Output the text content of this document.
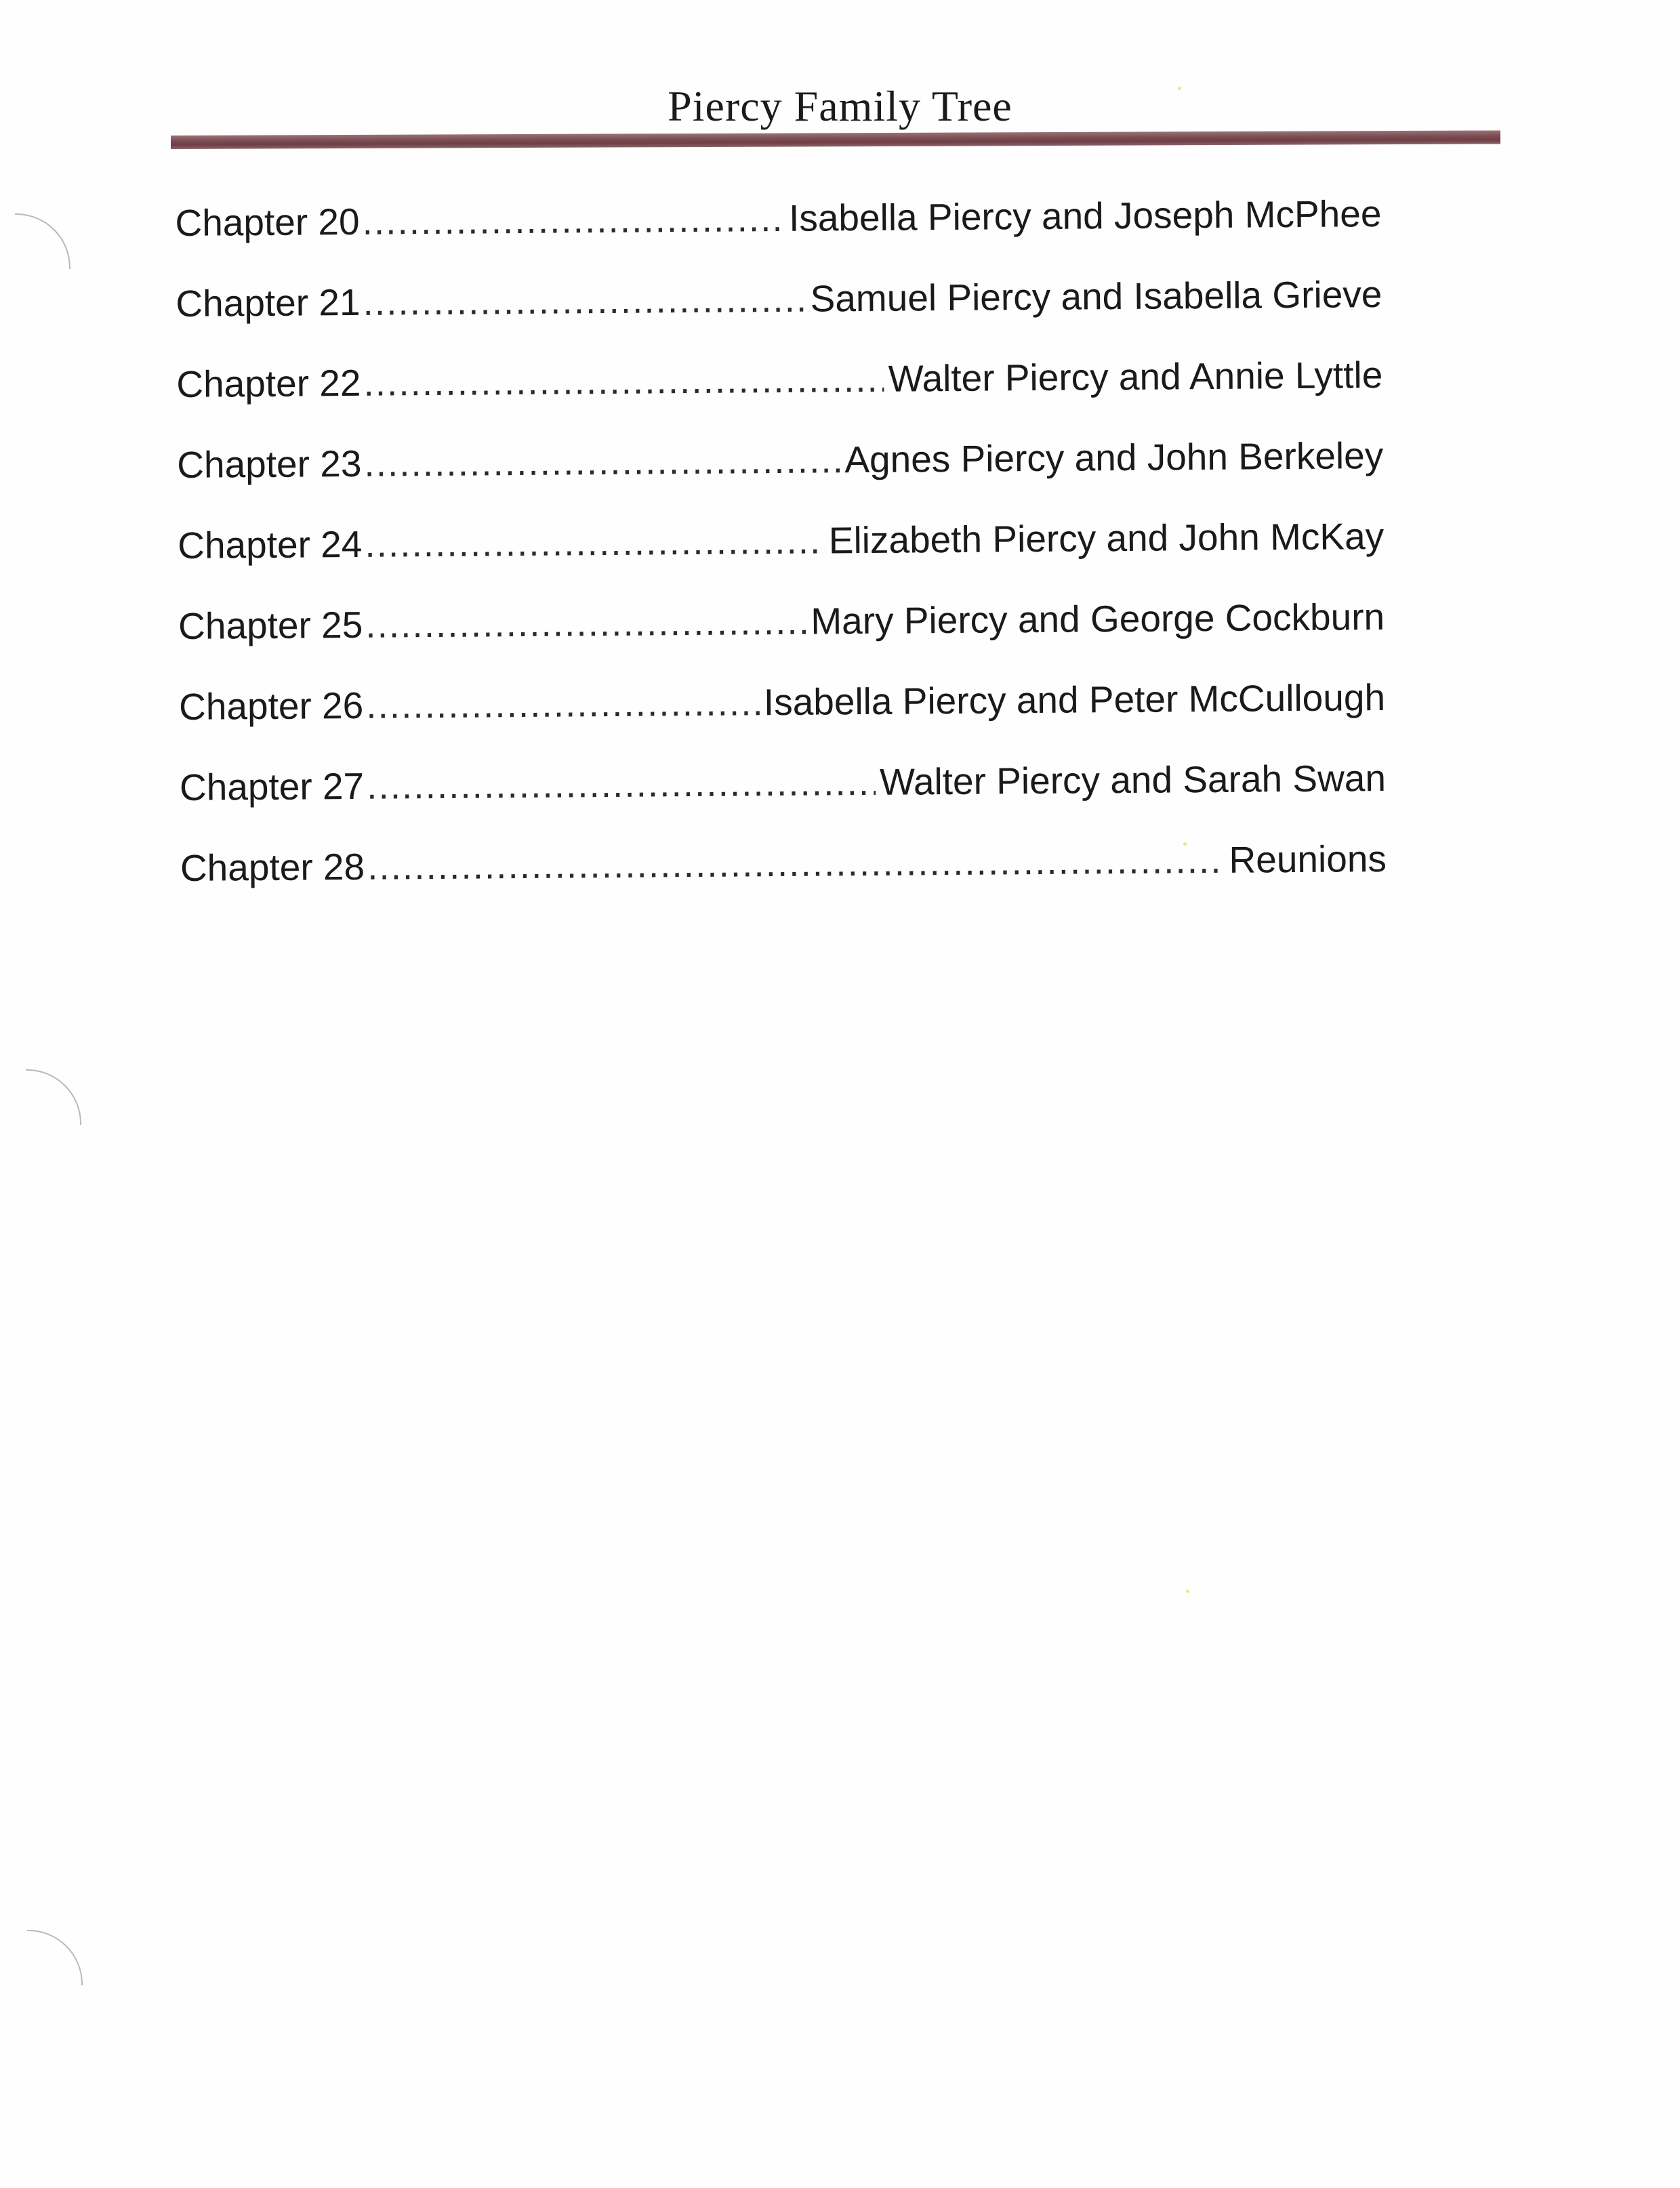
Piercy Family Tree
Chapter 20 .....	Isabella Piercy and Joseph McPhee
Chapter 21 .....	Samuel Piercy and Isabella Grieve
Chapter 22 .....	Walter Piercy and Annie Lyttle
Chapter 23 .....	Agnes Piercy and John Berkeley
Chapter 24 .....	Elizabeth Piercy and John McKay
Chapter 25 .....	Mary Piercy and George Cockburn
Chapter 26 .....	Isabella Piercy and Peter McCullough
Chapter 27 .....	Walter Piercy and Sarah Swan
Chapter 28 .....	Reunions
